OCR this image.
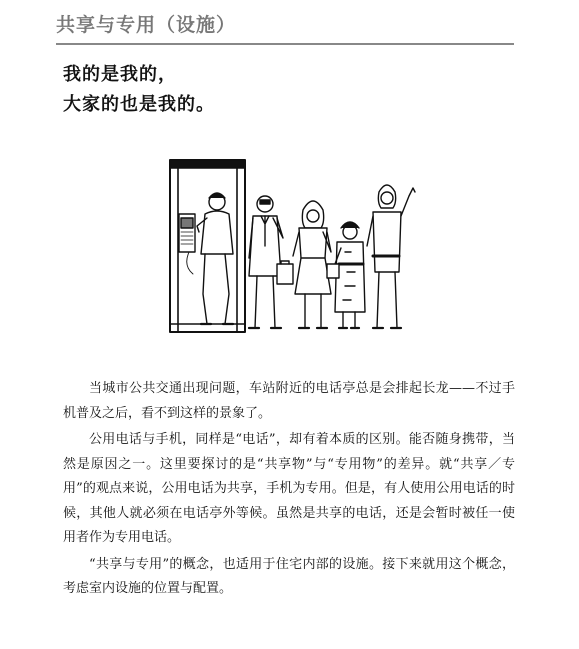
共享与专用（设施）
我的是我的，
大家的也是我的。

当城市公共交通出现问题，车站附近的电话亭总是会排起长龙——不过手机普及之后，看不到这样的景象了。

公用电话与手机，同样是“电话”，却有着本质的区别。能否随身携带，当然是原因之一。这里要探讨的是“共享物”与“专用物”的差异。就“共享／专用”的观点来说，公用电话为共享，手机为专用。但是，有人使用公用电话的时候，其他人就必须在电话亭外等候。虽然是共享的电话，还是会暂时被任一使用者作为专用电话。

“共享与专用”的概念，也适用于住宅内部的设施。接下来就用这个概念，考虑室内设施的位置与配置。
